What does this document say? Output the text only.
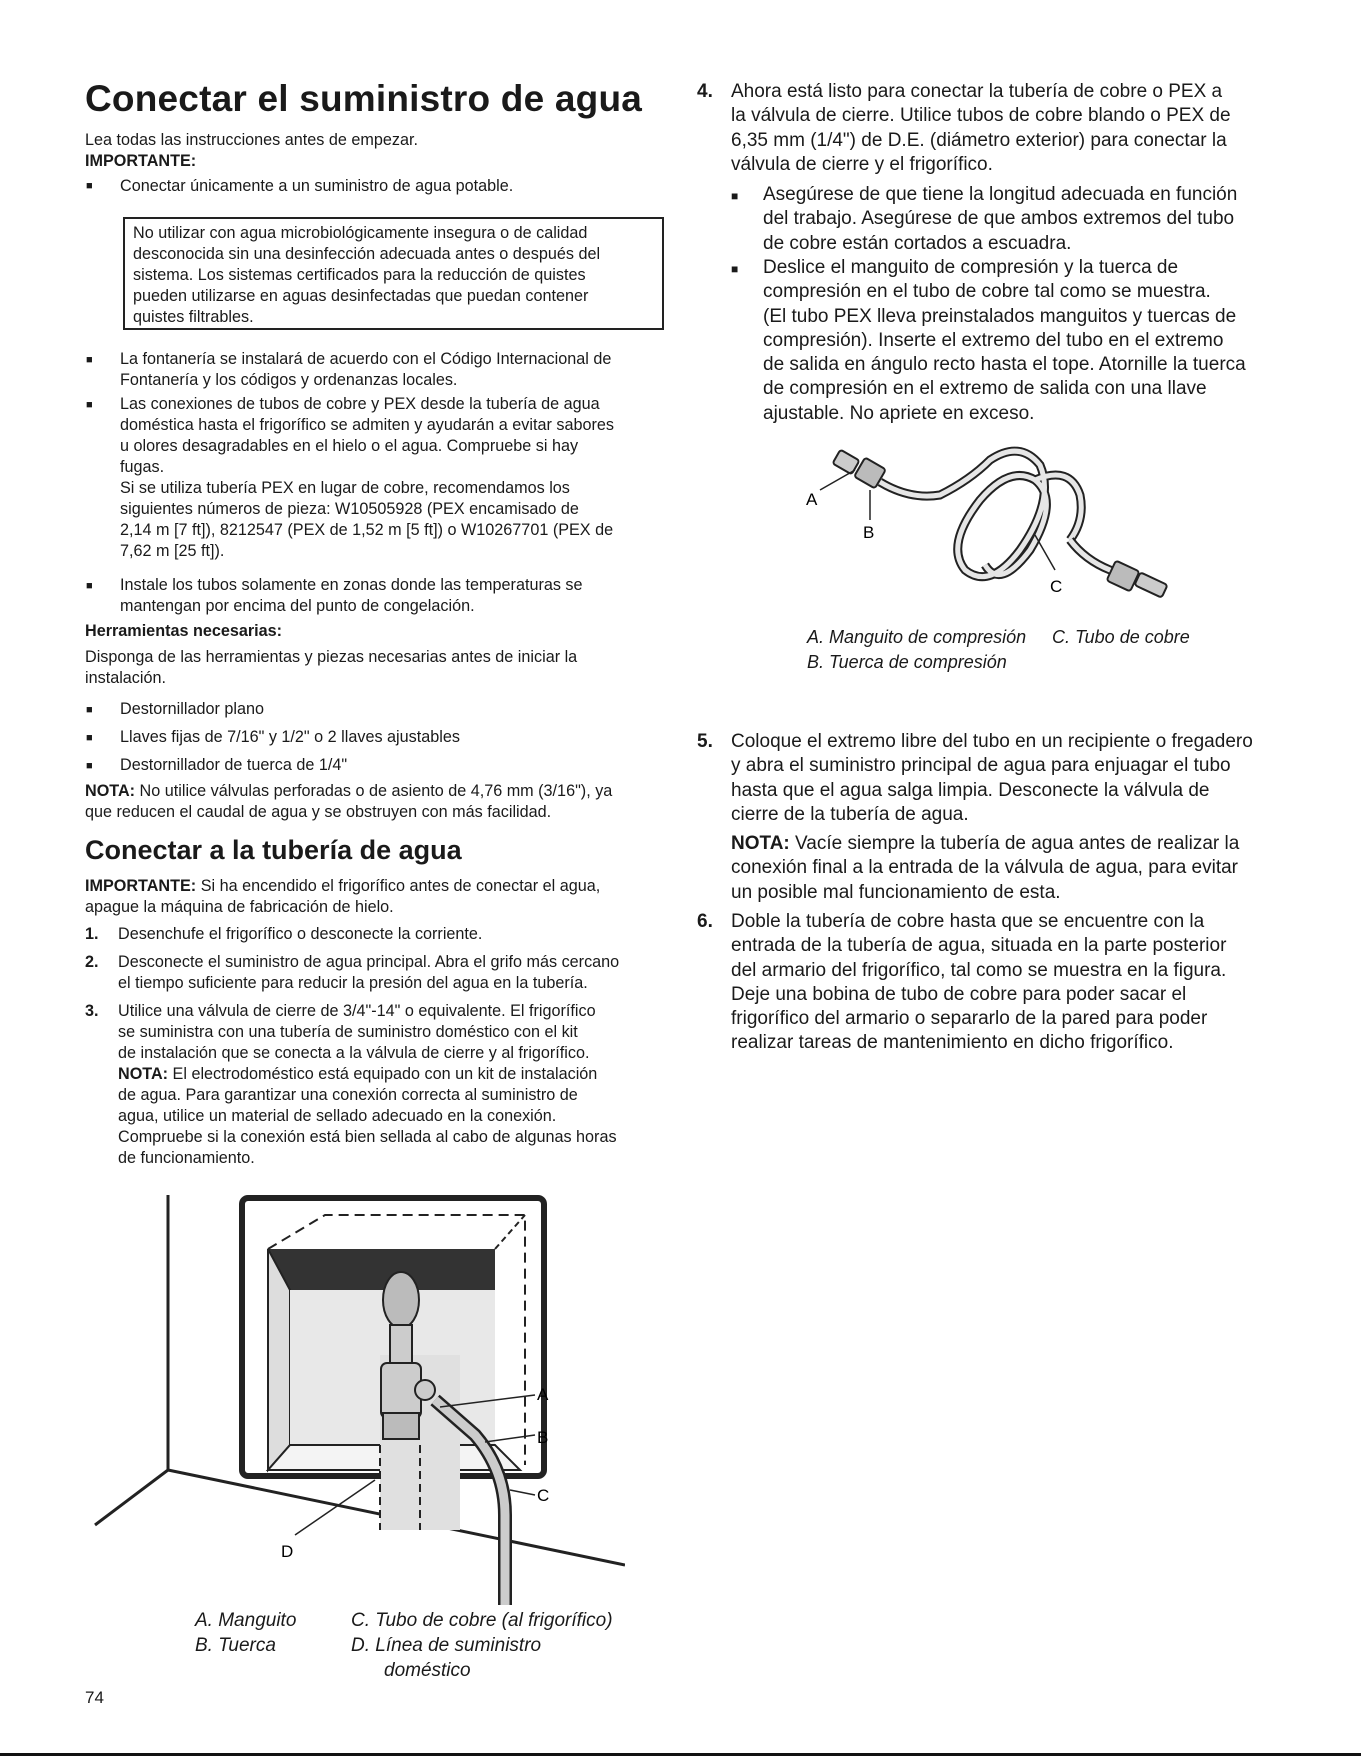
Conectar el suministro de agua

Lea todas las instrucciones antes de empezar.

IMPORTANTE:

■ Conectar únicamente a un suministro de agua potable.

No utilizar con agua microbiológicamente insegura o de calidad
desconocida sin una desinfección adecuada antes o después del
sistema. Los sistemas certificados para la reducción de quistes
pueden utilizarse en aguas desinfectadas que puedan contener
quistes filtrables.
■ La fontanería se instalará de acuerdo con el Código Internacional de
Fontanería y los códigos y ordenanzas locales.
■ Las conexiones de tubos de cobre y PEX desde la tubería de agua
doméstica hasta el frigorífico se admiten y ayudarán a evitar sabores
u olores desagradables en el hielo o el agua. Compruebe si hay
fugas.
Si se utiliza tubería PEX en lugar de cobre, recomendamos los
siguientes números de pieza: W10505928 (PEX encamisado de
2,14 m [7 ft]), 8212547 (PEX de 1,52 m [5 ft]) o W10267701 (PEX de
7,62 m [25 ft]).
■ Instale los tubos solamente en zonas donde las temperaturas se
mantengan por encima del punto de congelación.

Herramientas necesarias:

Disponga de las herramientas y piezas necesarias antes de iniciar la
instalación.
■ Destornillador plano

■ Llaves fijas de 7/16" y 1/2" o 2 llaves ajustables

■ Destornillador de tuerca de 1/4"

NOTA: No utilice válvulas perforadas o de asiento de 4,76 mm (3/16"), ya
que reducen el caudal de agua y se obstruyen con más facilidad.
Conectar a la tubería de agua
IMPORTANTE: Si ha encendido el frigorífico antes de conectar el agua,
apague la máquina de fabricación de hielo.
1. Desenchufe el frigorífico o desconecte la corriente.

2. Desconecte el suministro de agua principal. Abra el grifo más cercano
el tiempo suficiente para reducir la presión del agua en la tubería.
3. Utilice una válvula de cierre de 3/4"-14" o equivalente. El frigorífico
se suministra con una tubería de suministro doméstico con el kit
de instalación que se conecta a la válvula de cierre y al frigorífico.
NOTA: El electrodoméstico está equipado con un kit de instalación
de agua. Para garantizar una conexión correcta al suministro de
agua, utilice un material de sellado adecuado en la conexión.
Compruebe si la conexión está bien sellada al cabo de algunas horas
de funcionamiento.
A
B
C
D
A. Manguito
B. Tuerca
C. Tubo de cobre (al frigorífico)
D. Línea de suministro
doméstico
74
4. Ahora está listo para conectar la tubería de cobre o PEX a
la válvula de cierre. Utilice tubos de cobre blando o PEX de
6,35 mm (1/4") de D.E. (diámetro exterior) para conectar la
válvula de cierre y el frigorífico.
■ Asegúrese de que tiene la longitud adecuada en función
del trabajo. Asegúrese de que ambos extremos del tubo
de cobre están cortados a escuadra.
■ Deslice el manguito de compresión y la tuerca de
compresión en el tubo de cobre tal como se muestra.
(El tubo PEX lleva preinstalados manguitos y tuercas de
compresión). Inserte el extremo del tubo en el extremo
de salida en ángulo recto hasta el tope. Atornille la tuerca
de compresión en el extremo de salida con una llave
ajustable. No apriete en exceso.
A
B
C
A. Manguito de compresión C. Tubo de cobre
B. Tuerca de compresión
5. Coloque el extremo libre del tubo en un recipiente o fregadero
y abra el suministro principal de agua para enjuagar el tubo
hasta que el agua salga limpia. Desconecte la válvula de
cierre de la tubería de agua.
NOTA: Vacíe siempre la tubería de agua antes de realizar la
conexión final a la entrada de la válvula de agua, para evitar
un posible mal funcionamiento de esta.
6. Doble la tubería de cobre hasta que se encuentre con la
entrada de la tubería de agua, situada en la parte posterior
del armario del frigorífico, tal como se muestra en la figura.
Deje una bobina de tubo de cobre para poder sacar el
frigorífico del armario o separarlo de la pared para poder
realizar tareas de mantenimiento en dicho frigorífico.
